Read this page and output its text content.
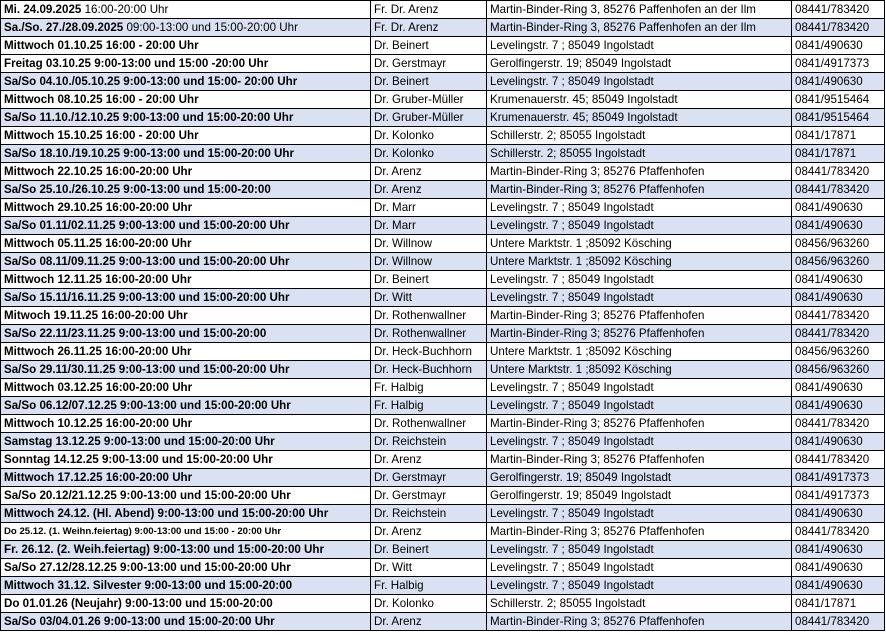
Mi. 24.09.2025 16:00-20:00 Uhr	Fr. Dr. Arenz	Martin-Binder-Ring 3, 85276 Paffenhofen an der Ilm	08441/783420
Sa./So. 27./28.09.2025 09:00-13:00 und 15:00-20:00 Uhr	Fr. Dr. Arenz	Martin-Binder-Ring 3, 85276 Paffenhofen an der Ilm	08441/783420
Mittwoch 01.10.25 16:00 - 20:00 Uhr	Dr. Beinert	Levelingstr. 7 ; 85049 Ingolstadt	0841/490630
Freitag 03.10.25 9:00-13:00 und 15:00 -20:00 Uhr	Dr. Gerstmayr	Gerolfingerstr. 19; 85049 Ingolstadt	0841/4917373
Sa/So 04.10./05.10.25 9:00-13:00 und 15:00- 20:00 Uhr	Dr. Beinert	Levelingstr. 7 ; 85049 Ingolstadt	0841/490630
Mittwoch 08.10.25 16:00 - 20:00 Uhr	Dr. Gruber-Müller	Krumenauerstr. 45; 85049 Ingolstadt	0841/9515464
Sa/So 11.10./12.10.25 9:00-13:00 und 15:00-20:00 Uhr	Dr. Gruber-Müller	Krumenauerstr. 45; 85049 Ingolstadt	0841/9515464
Mittwoch 15.10.25 16:00 - 20:00 Uhr	Dr. Kolonko	Schillerstr. 2; 85055 Ingolstadt	0841/17871
Sa/So 18.10./19.10.25 9:00-13:00 und 15:00-20:00 Uhr	Dr. Kolonko	Schillerstr. 2; 85055 Ingolstadt	0841/17871
Mittwoch 22.10.25 16:00-20:00 Uhr	Dr. Arenz	Martin-Binder-Ring 3; 85276 Pfaffenhofen	08441/783420
Sa/So 25.10./26.10.25 9:00-13:00 und 15:00-20:00	Dr. Arenz	Martin-Binder-Ring 3; 85276 Pfaffenhofen	08441/783420
Mittwoch 29.10.25 16:00-20:00 Uhr	Dr. Marr	Levelingstr. 7 ; 85049 Ingolstadt	0841/490630
Sa/So 01.11/02.11.25 9:00-13:00 und 15:00-20:00 Uhr	Dr. Marr	Levelingstr. 7 ; 85049 Ingolstadt	0841/490630
Mittwoch 05.11.25 16:00-20:00 Uhr	Dr. Willnow	Untere Marktstr. 1 ;85092 Kösching	08456/963260
Sa/So 08.11/09.11.25 9:00-13:00 und 15:00-20:00 Uhr	Dr. Willnow	Untere Marktstr. 1 ;85092 Kösching	08456/963260
Mittwoch 12.11.25 16:00-20:00 Uhr	Dr. Beinert	Levelingstr. 7 ; 85049 Ingolstadt	0841/490630
Sa/So 15.11/16.11.25 9:00-13:00 und 15:00-20:00 Uhr	Dr. Witt	Levelingstr. 7 ; 85049 Ingolstadt	0841/490630
Mitwoch 19.11.25 16:00-20:00 Uhr	Dr. Rothenwallner	Martin-Binder-Ring 3; 85276 Pfaffenhofen	08441/783420
Sa/So 22.11/23.11.25 9:00-13:00 und 15:00-20:00	Dr. Rothenwallner	Martin-Binder-Ring 3; 85276 Pfaffenhofen	08441/783420
Mittwoch 26.11.25 16:00-20:00 Uhr	Dr. Heck-Buchhorn	Untere Marktstr. 1 ;85092 Kösching	08456/963260
Sa/So 29.11/30.11.25 9:00-13:00 und 15:00-20:00 Uhr	Dr. Heck-Buchhorn	Untere Marktstr. 1 ;85092 Kösching	08456/963260
Mittwoch 03.12.25 16:00-20:00 Uhr	Fr. Halbig	Levelingstr. 7 ; 85049 Ingolstadt	0841/490630
Sa/So 06.12/07.12.25 9:00-13:00 und 15:00-20:00 Uhr	Fr. Halbig	Levelingstr. 7 ; 85049 Ingolstadt	0841/490630
Mittwoch 10.12.25 16:00-20:00 Uhr	Dr. Rothenwallner	Martin-Binder-Ring 3; 85276 Pfaffenhofen	08441/783420
Samstag 13.12.25 9:00-13:00 und 15:00-20:00 Uhr	Dr. Reichstein	Levelingstr. 7 ; 85049 Ingolstadt	0841/490630
Sonntag 14.12.25 9:00-13:00 und 15:00-20:00 Uhr	Dr. Arenz	Martin-Binder-Ring 3; 85276 Pfaffenhofen	08441/783420
Mittwoch 17.12.25 16:00-20:00 Uhr	Dr. Gerstmayr	Gerolfingerstr. 19; 85049 Ingolstadt	0841/4917373
Sa/So 20.12/21.12.25 9:00-13:00 und 15:00-20:00 Uhr	Dr. Gerstmayr	Gerolfingerstr. 19; 85049 Ingolstadt	0841/4917373
Mittwoch 24.12. (Hl. Abend) 9:00-13:00 und 15:00-20:00 Uhr	Dr. Reichstein	Levelingstr. 7 ; 85049 Ingolstadt	0841/490630
Do 25.12. (1. Weihn.feiertag) 9:00-13:00 und 15:00 - 20:00 Uhr	Dr. Arenz	Martin-Binder-Ring 3; 85276 Pfaffenhofen	08441/783420
Fr. 26.12. (2. Weih.feiertag) 9:00-13:00 und 15:00-20:00 Uhr	Dr. Beinert	Levelingstr. 7 ; 85049 Ingolstadt	0841/490630
Sa/So 27.12/28.12.25 9:00-13:00 und 15:00-20:00 Uhr	Dr. Witt	Levelingstr. 7 ; 85049 Ingolstadt	0841/490630
Mittwoch 31.12. Silvester 9:00-13:00 und 15:00-20:00	Fr. Halbig	Levelingstr. 7 ; 85049 Ingolstadt	0841/490630
Do 01.01.26 (Neujahr) 9:00-13:00 und 15:00-20:00	Dr. Kolonko	Schillerstr. 2; 85055 Ingolstadt	0841/17871
Sa/So 03/04.01.26 9:00-13:00 und 15:00-20:00 Uhr	Dr. Arenz	Martin-Binder-Ring 3; 85276 Pfaffenhofen	08441/783420
